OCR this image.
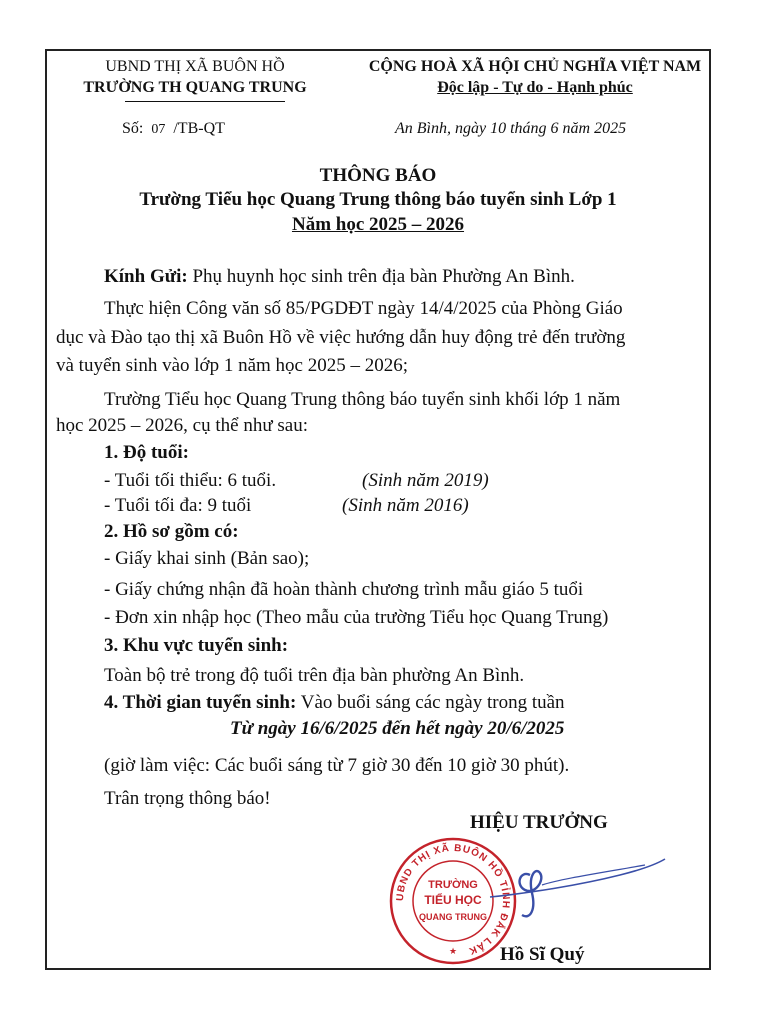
UBND THỊ XÃ BUÔN HỒ
TRƯỜNG TH QUANG TRUNG
CỘNG HOÀ XÃ HỘI CHỦ NGHĨA VIỆT NAM
Độc lập - Tự do - Hạnh phúc
Số: 07 /TB-QT	An Bình, ngày 10 tháng 6 năm 2025
THÔNG BÁO
Trường Tiểu học Quang Trung thông báo tuyển sinh Lớp 1
Năm học 2025 – 2026
Kính Gửi: Phụ huynh học sinh trên địa bàn Phường An Bình.
Thực hiện Công văn số 85/PGDĐT ngày 14/4/2025 của Phòng Giáo
dục và Đào tạo thị xã Buôn Hồ về việc hướng dẫn huy động trẻ đến trường
và tuyển sinh vào lớp 1 năm học 2025 – 2026;
Trường Tiểu học Quang Trung thông báo tuyển sinh khối lớp 1 năm
học 2025 – 2026, cụ thể như sau:
1. Độ tuổi:
- Tuổi tối thiểu: 6 tuổi.	(Sinh năm 2019)
- Tuổi tối đa: 9 tuổi	(Sinh năm 2016)
2. Hồ sơ gồm có:
- Giấy khai sinh (Bản sao);
- Giấy chứng nhận đã hoàn thành chương trình mẫu giáo 5 tuổi
- Đơn xin nhập học (Theo mẫu của trường Tiểu học Quang Trung)
3. Khu vực tuyển sinh:
Toàn bộ trẻ trong độ tuổi trên địa bàn phường An Bình.
4. Thời gian tuyển sinh: Vào buổi sáng các ngày trong tuần
Từ ngày 16/6/2025 đến hết ngày 20/6/2025
(giờ làm việc: Các buổi sáng từ 7 giờ 30 đến 10 giờ 30 phút).
Trân trọng thông báo!
HIỆU TRƯỞNG
UBND THỊ XÃ BUÔN HỒ TỈNH ĐẮK LẮK
TRƯỜNG
TIỂU HỌC
QUANG TRUNG
★ Hồ Sĩ Quý
